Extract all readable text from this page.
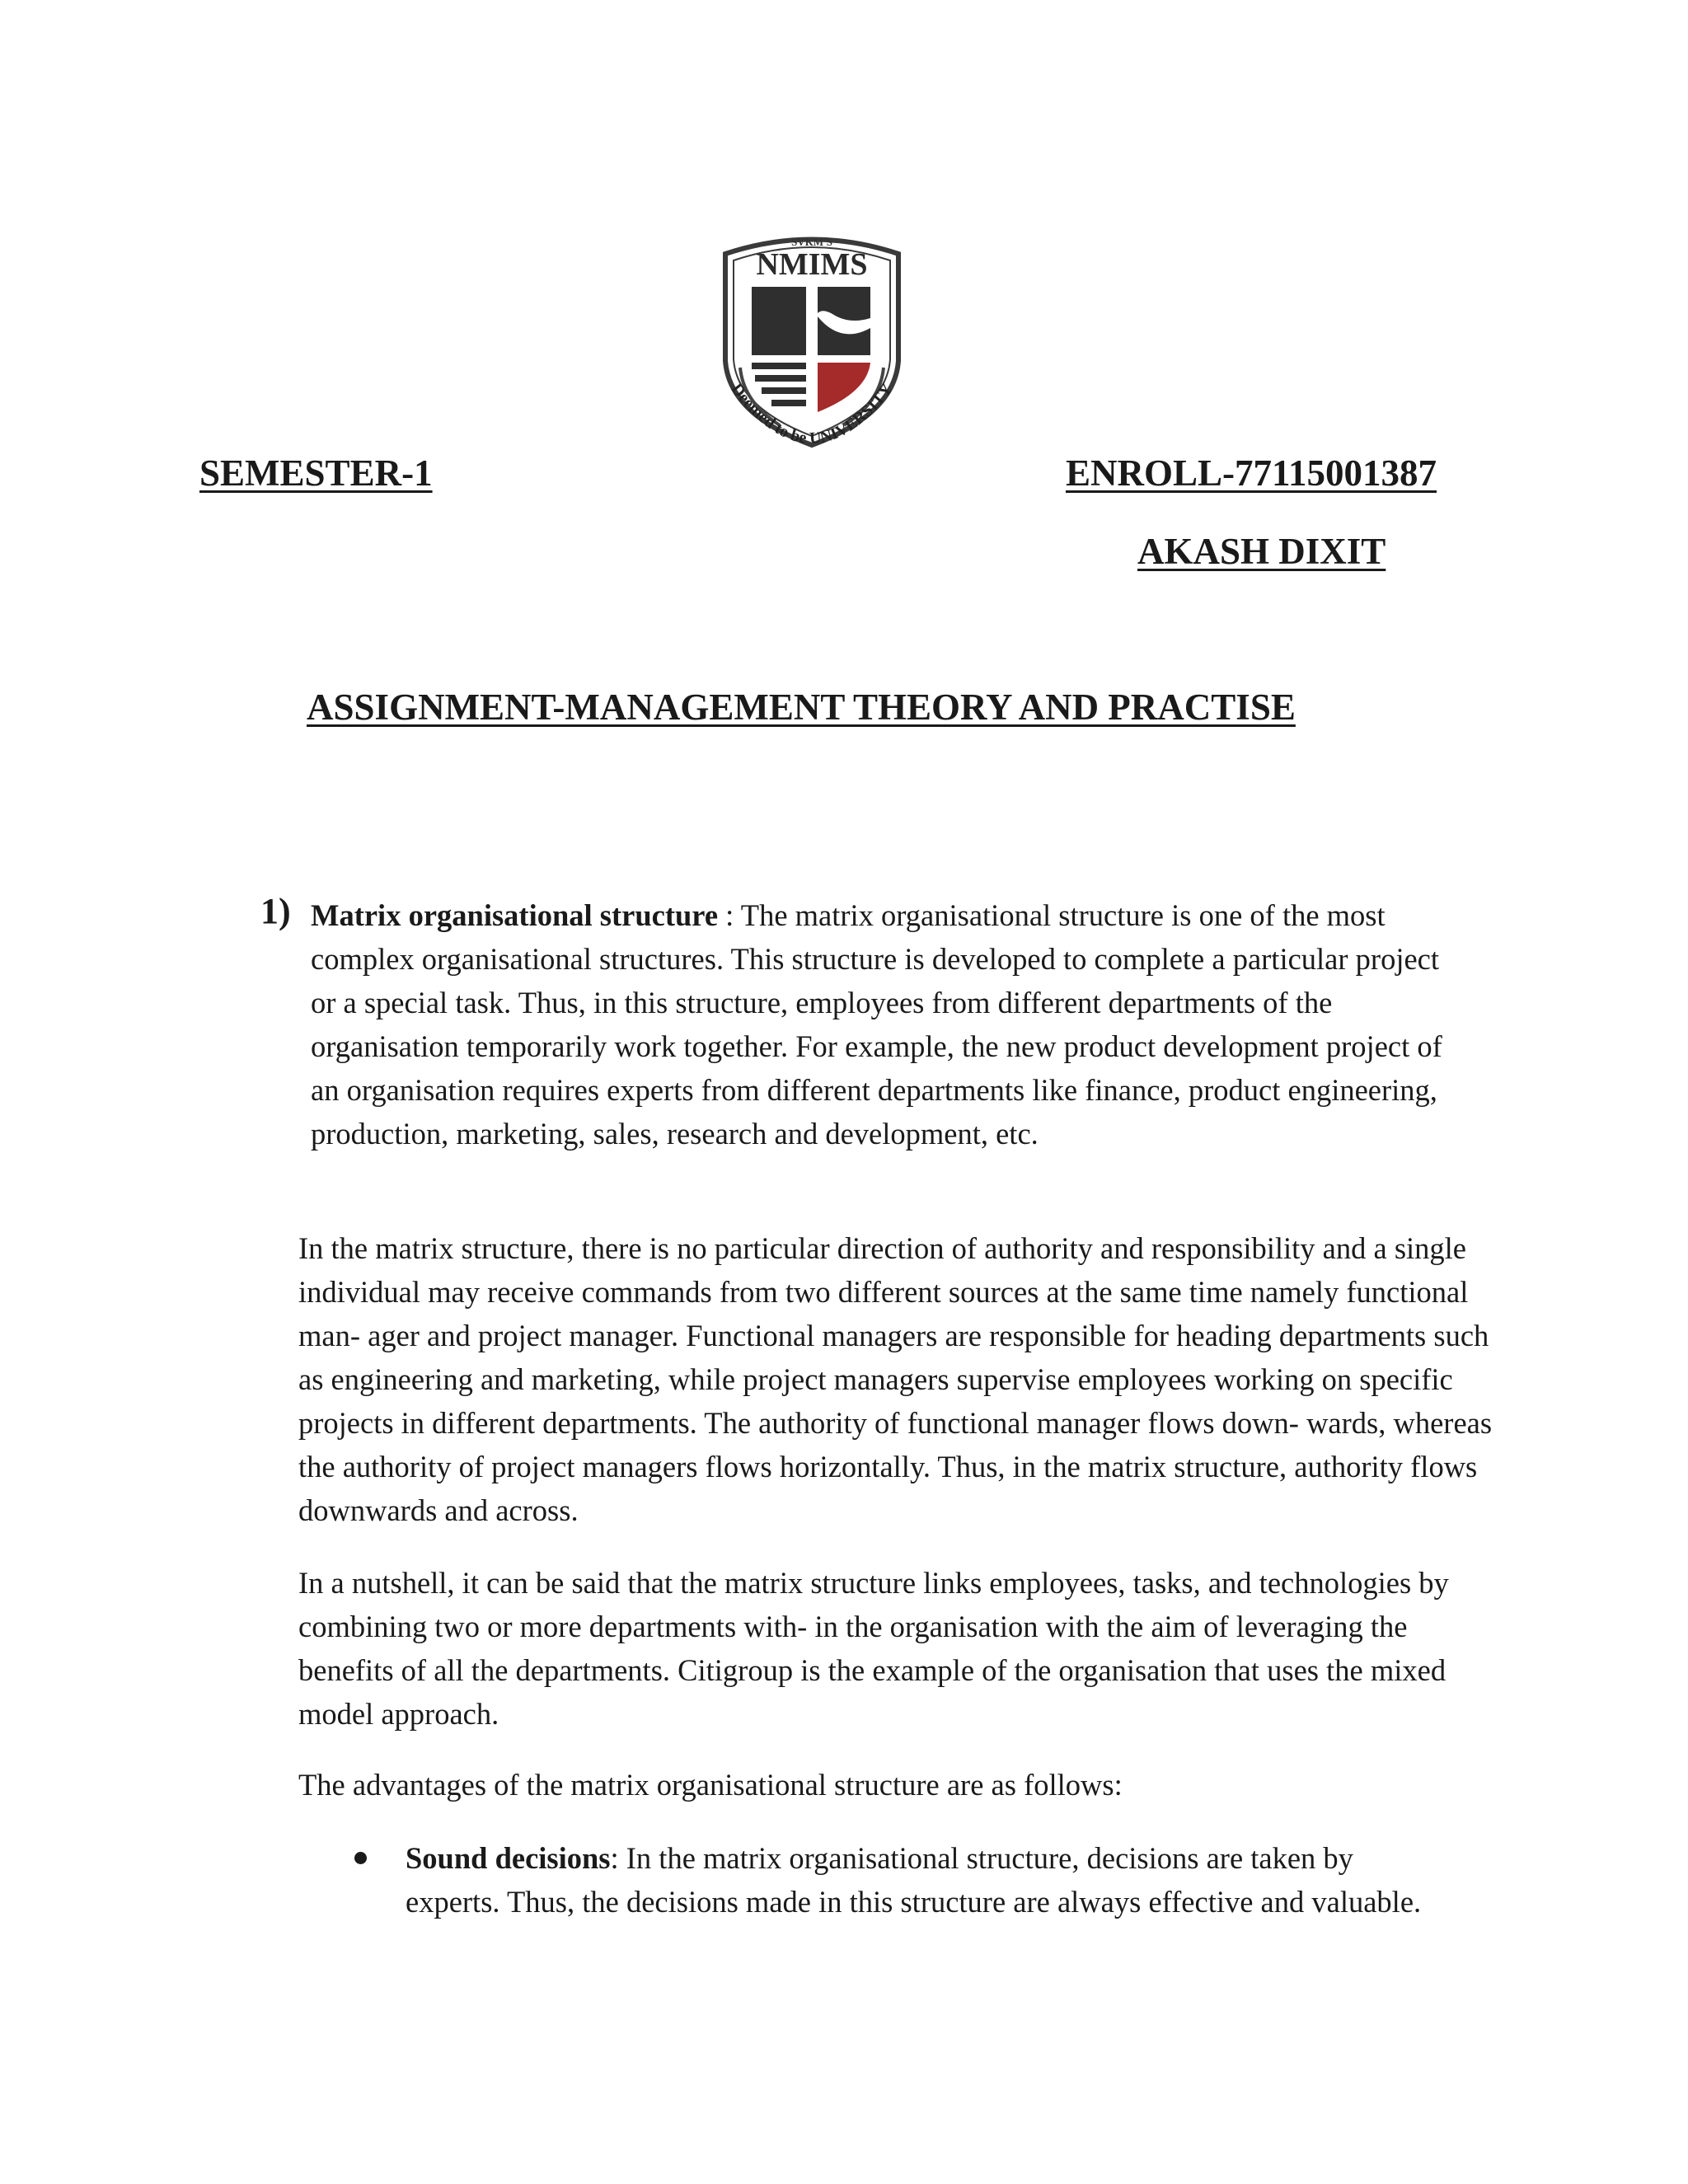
SVKM'S
NMIMS
Deemed to be UNIVERSITY
SEMESTER-1	ENROLL-77115001387
AKASH DIXIT
ASSIGNMENT-MANAGEMENT THEORY AND PRACTISE
1) Matrix organisational structure : The matrix organisational structure is one of the most complex organisational structures. This structure is developed to complete a particular project or a special task. Thus, in this structure, employees from different departments of the organisation temporarily work together. For example, the new product development project of an organisation requires experts from different departments like finance, product engineering, production, marketing, sales, research and development, etc.

In the matrix structure, there is no particular direction of authority and responsibility and a single individual may receive commands from two different sources at the same time namely functional man- ager and project manager. Functional managers are responsible for heading departments such as engineering and marketing, while project managers supervise employees working on specific projects in different departments. The authority of functional manager flows down- wards, whereas the authority of project managers flows horizontally. Thus, in the matrix structure, authority flows downwards and across.

In a nutshell, it can be said that the matrix structure links employees, tasks, and technologies by combining two or more departments with- in the organisation with the aim of leveraging the benefits of all the departments. Citigroup is the example of the organisation that uses the mixed model approach.

The advantages of the matrix organisational structure are as follows:

Sound decisions: In the matrix organisational structure, decisions are taken by experts. Thus, the decisions made in this structure are always effective and valuable.
